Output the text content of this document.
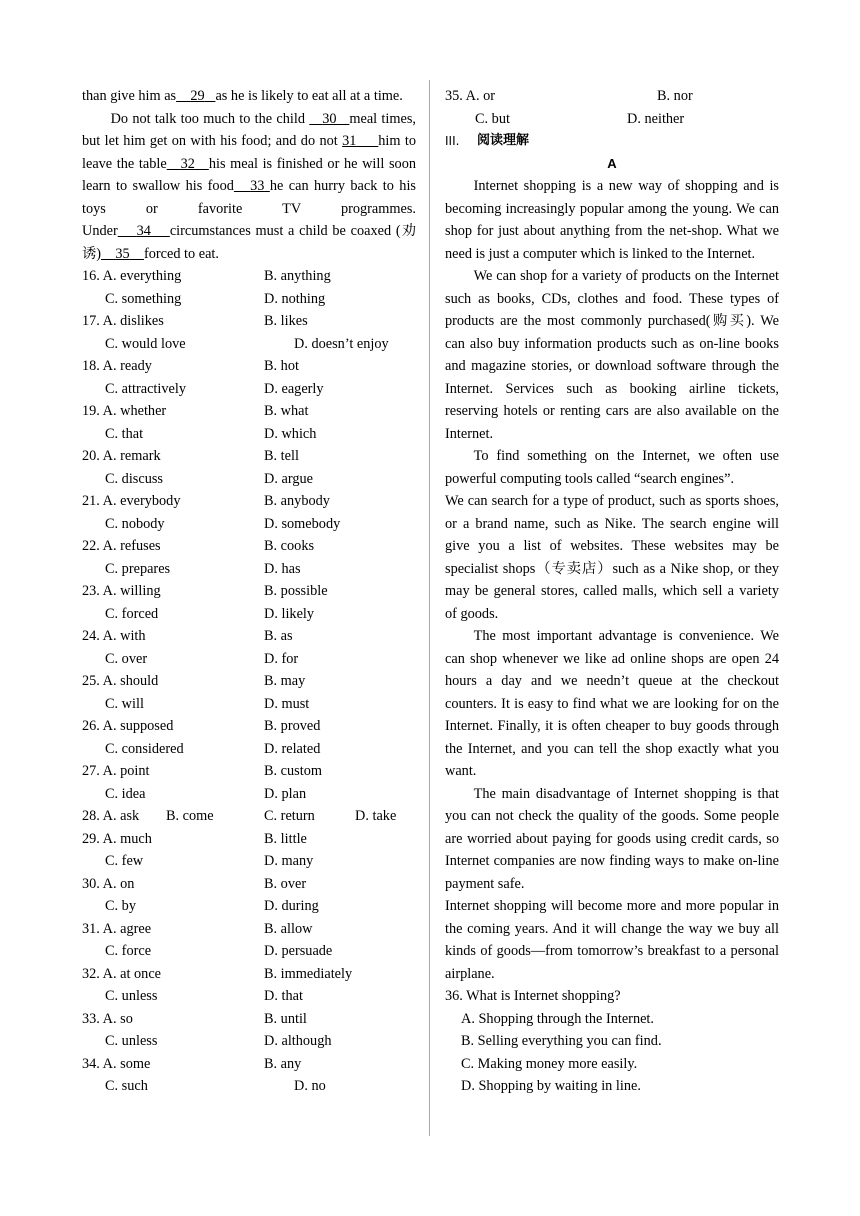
than give him as 29 as he is likely to eat all at a time.

Do not talk too much to the child 30 meal times, but let him get on with his food; and do not 31 him to leave the table 32 his meal is finished or he will soon learn to swallow his food 33 he can hurry back to his toys or favorite TV programmes. Under 34 circumstances must a child be coaxed (劝诱) 35 forced to eat.

16. A. everything	B. anything
C. something	D. nothing
17. A. dislikes	B. likes
C. would love	D. doesn’t enjoy
18. A. ready	B. hot
C. attractively	D. eagerly
19. A. whether	B. what
C. that	D. which
20. A. remark	B. tell
C. discuss	D. argue
21. A. everybody	B. anybody
C. nobody	D. somebody
22. A. refuses	B. cooks
C. prepares	D. has
23. A. willing	B. possible
C. forced	D. likely
24. A. with	B. as
C. over	D. for
25. A. should	B. may
C. will	D. must
26. A. supposed	B. proved
C. considered	D. related
27. A. point	B. custom
C. idea	D. plan
28. A. ask B. come	C. return	D. take
29. A. much	B. little
C. few	D. many
30. A. on	B. over
C. by	D. during
31. A. agree	B. allow
C. force	D. persuade
32. A. at once	B. immediately
C. unless	D. that
33. A. so	B. until
C. unless	D. although
34. A. some	B. any
C. such	D. no
35. A. or	B. nor
C. but	D. neither
III. 阅读理解
A

Internet shopping is a new way of shopping and is becoming increasingly popular among the young. We can shop for just about anything from the net-shop. What we need is just a computer which is linked to the Internet.

We can shop for a variety of products on the Internet such as books, CDs, clothes and food. These types of products are the most commonly purchased(购买). We can also buy information products such as on-line books and magazine stories, or download software through the Internet. Services such as booking airline tickets, reserving hotels or renting cars are also available on the Internet.

To find something on the Internet, we often use powerful computing tools called “search engines”.

We can search for a type of product, such as sports shoes, or a brand name, such as Nike. The search engine will give you a list of websites. These websites may be specialist shops（专卖店）such as a Nike shop, or they may be general stores, called malls, which sell a variety of goods.

The most important advantage is convenience. We can shop whenever we like ad online shops are open 24 hours a day and we needn’t queue at the checkout counters. It is easy to find what we are looking for on the Internet. Finally, it is often cheaper to buy goods through the Internet, and you can tell the shop exactly what you want.

The main disadvantage of Internet shopping is that you can not check the quality of the goods. Some people are worried about paying for goods using credit cards, so Internet companies are now finding ways to make on-line payment safe.

Internet shopping will become more and more popular in the coming years. And it will change the way we buy all kinds of goods—from tomorrow’s breakfast to a personal airplane.

36. What is Internet shopping?
A. Shopping through the Internet.
B. Selling everything you can find.
C. Making money more easily.
D. Shopping by waiting in line.
